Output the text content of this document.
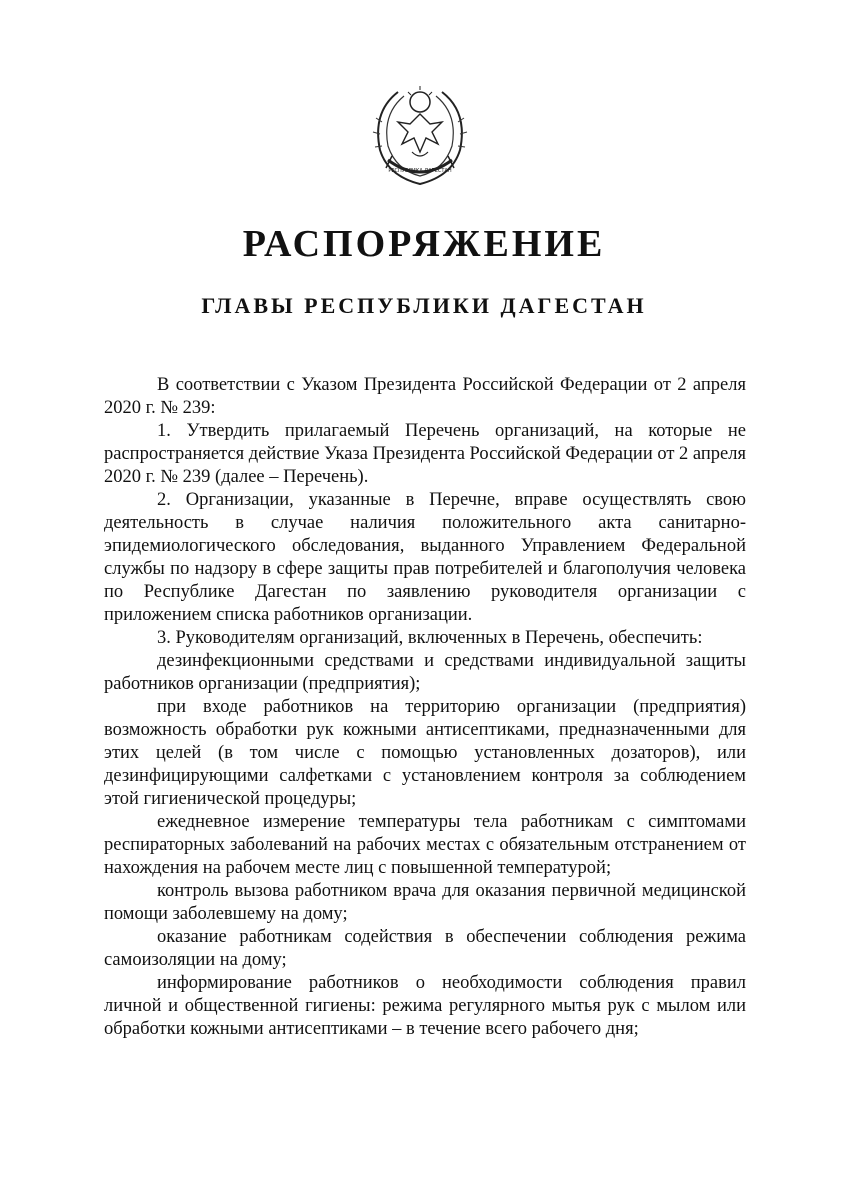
РЕСПУБЛИКА ДАГЕСТАН
РАСПОРЯЖЕНИЕ
ГЛАВЫ РЕСПУБЛИКИ ДАГЕСТАН

В соответствии с Указом Президента Российской Федерации от 2 апреля 2020 г. № 239:

1. Утвердить прилагаемый Перечень организаций, на которые не распространяется действие Указа Президента Российской Федерации от 2 апреля 2020 г. № 239 (далее – Перечень).

2. Организации, указанные в Перечне, вправе осуществлять свою деятельность в случае наличия положительного акта санитарно-эпидемиологического обследования, выданного Управлением Федеральной службы по надзору в сфере защиты прав потребителей и благополучия человека по Республике Дагестан по заявлению руководителя организации с приложением списка работников организации.

3. Руководителям организаций, включенных в Перечень, обеспечить:

дезинфекционными средствами и средствами индивидуальной защиты работников организации (предприятия);

при входе работников на территорию организации (предприятия) возможность обработки рук кожными антисептиками, предназначенными для этих целей (в том числе с помощью установленных дозаторов), или дезинфицирующими салфетками с установлением контроля за соблюдением этой гигиенической процедуры;

ежедневное измерение температуры тела работникам с симптомами респираторных заболеваний на рабочих местах с обязательным отстранением от нахождения на рабочем месте лиц с повышенной температурой;

контроль вызова работником врача для оказания первичной медицинской помощи заболевшему на дому;

оказание работникам содействия в обеспечении соблюдения режима самоизоляции на дому;

информирование работников о необходимости соблюдения правил личной и общественной гигиены: режима регулярного мытья рук с мылом или обработки кожными антисептиками – в течение всего рабочего дня;
